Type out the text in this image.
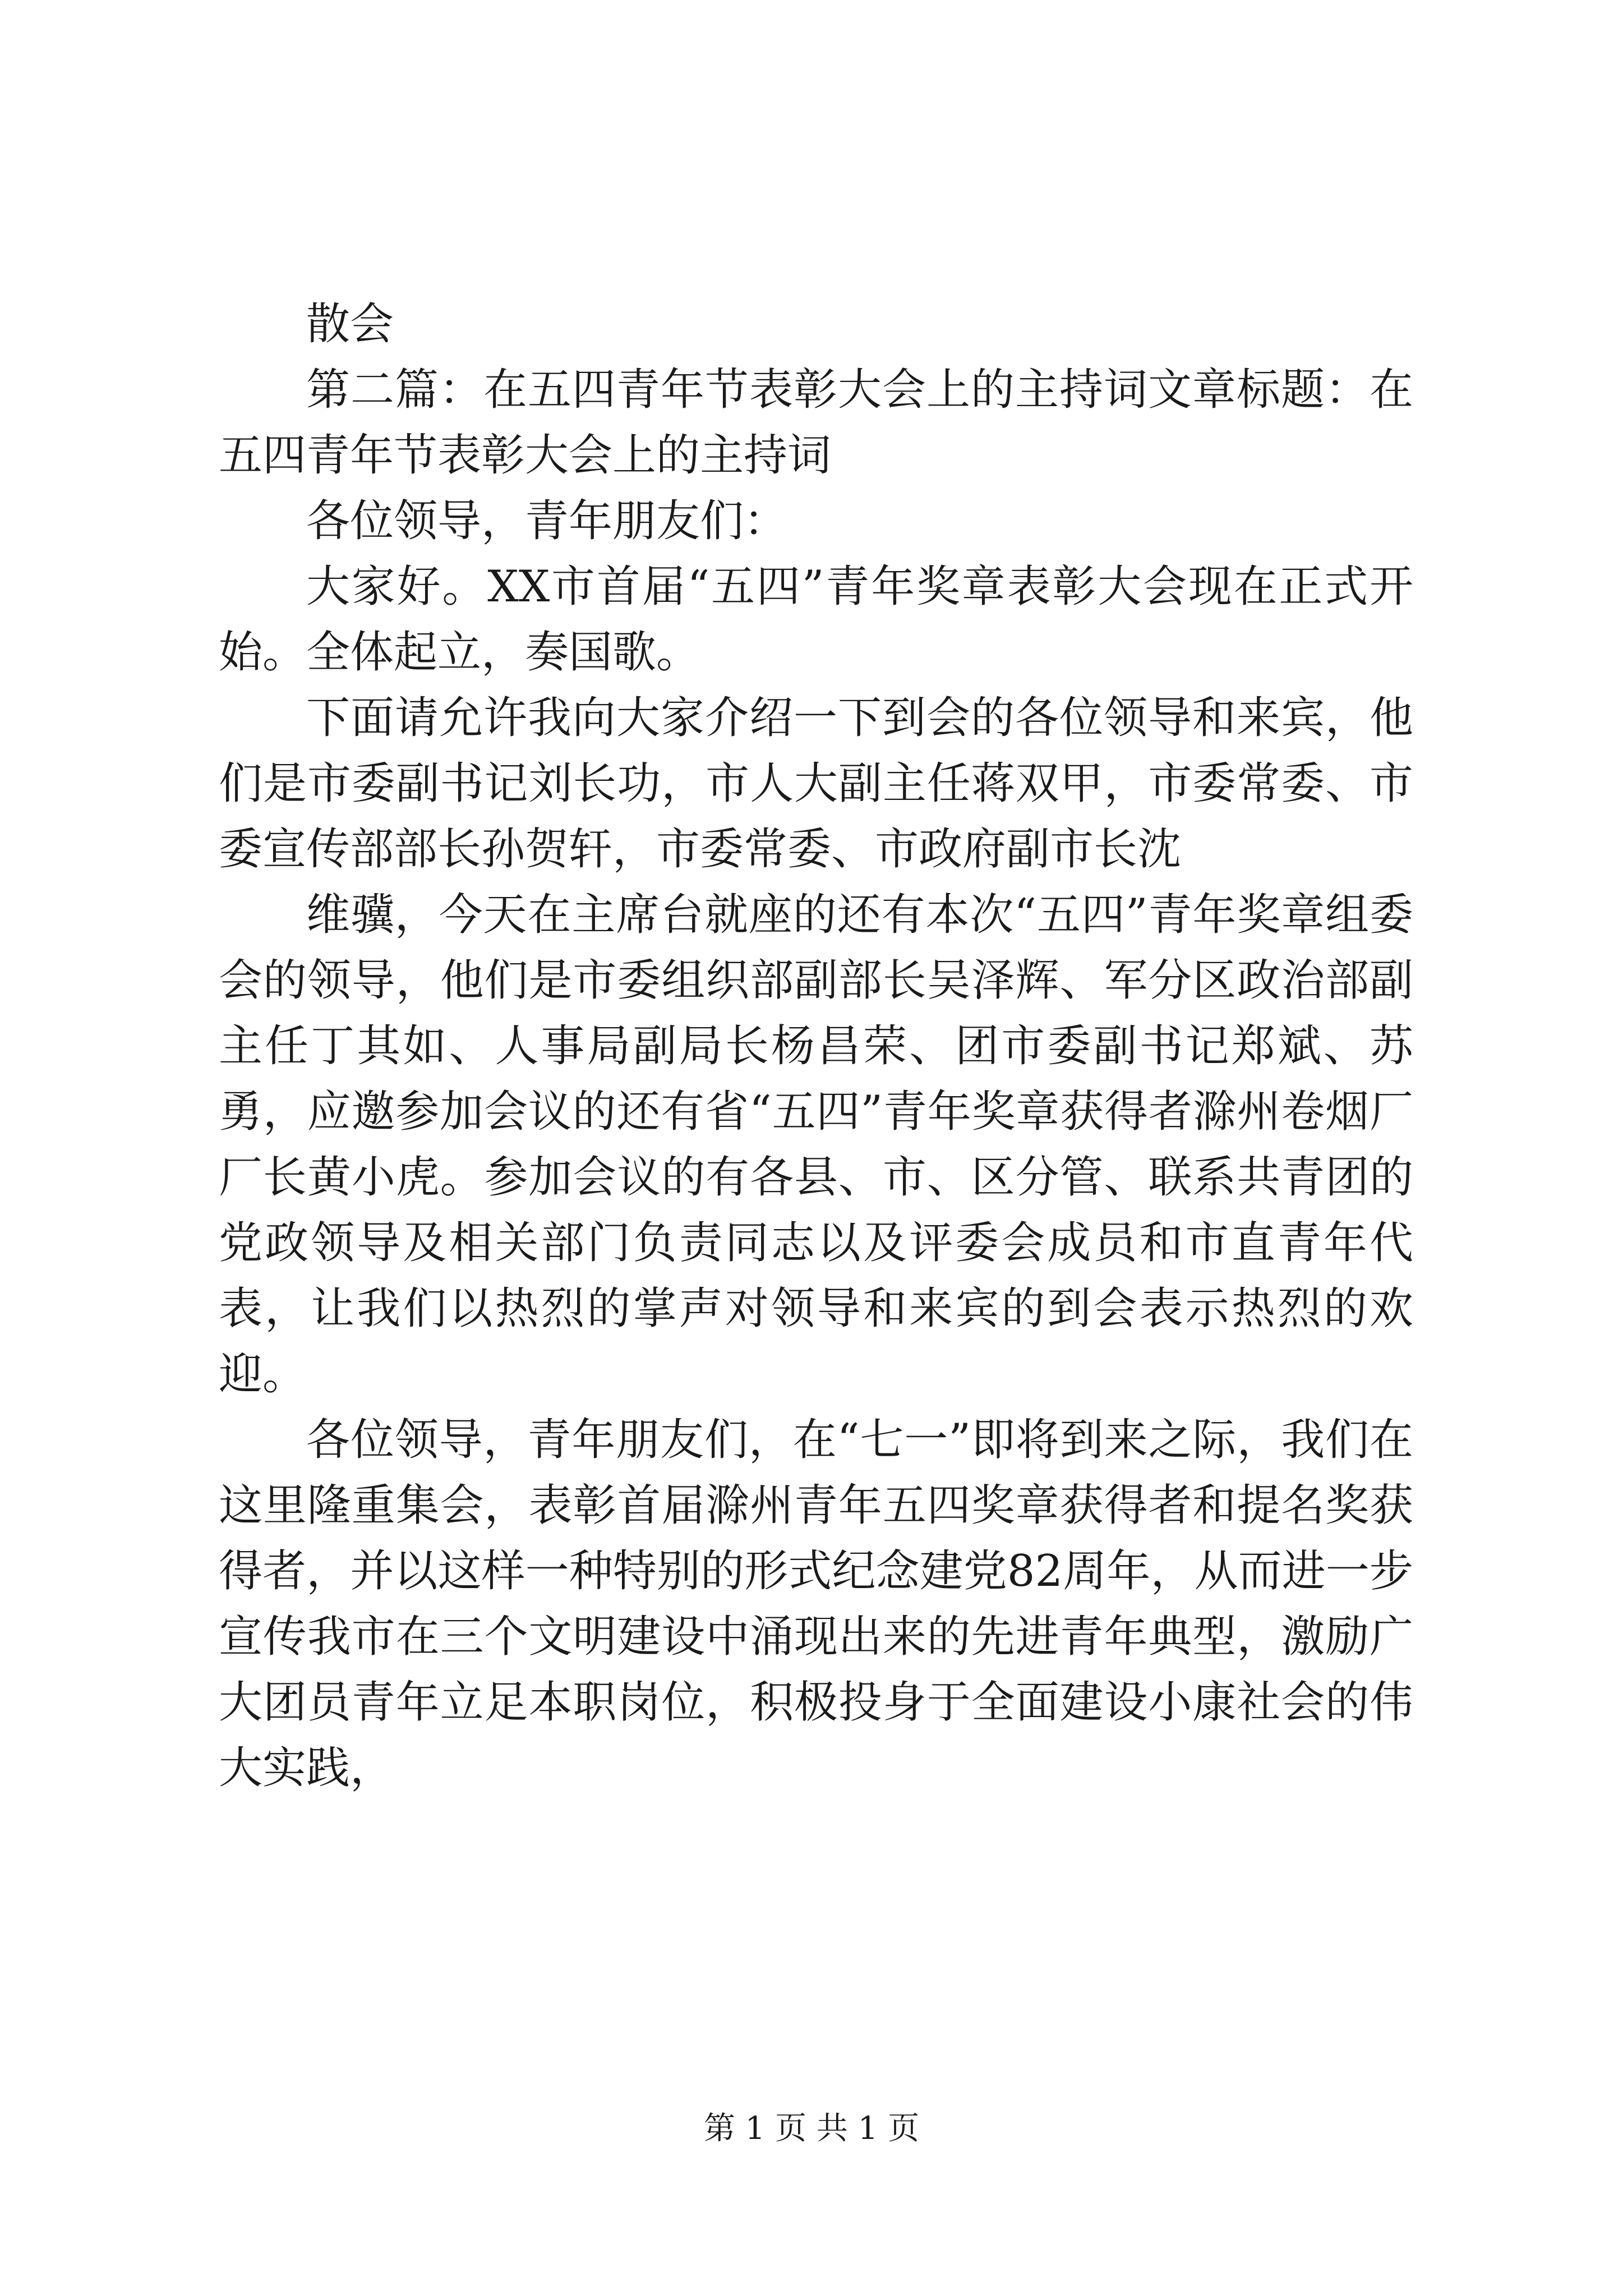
散会

第二篇：在五四青年节表彰大会上的主持词文章标题：在五四青年节表彰大会上的主持词

各位领导，青年朋友们：

大家好。XX市首届“五四”青年奖章表彰大会现在正式开始。全体起立，奏国歌。

下面请允许我向大家介绍一下到会的各位领导和来宾，他们是市委副书记刘长功，市人大副主任蒋双甲，市委常委、市委宣传部部长孙贺轩，市委常委、市政府副市长沈

维骥，今天在主席台就座的还有本次“五四”青年奖章组委会的领导，他们是市委组织部副部长吴泽辉、军分区政治部副主任丁其如、人事局副局长杨昌荣、团市委副书记郑斌、苏勇，应邀参加会议的还有省“五四”青年奖章获得者滁州卷烟厂厂长黄小虎。参加会议的有各县、市、区分管、联系共青团的党政领导及相关部门负责同志以及评委会成员和市直青年代表，让我们以热烈的掌声对领导和来宾的到会表示热烈的欢迎。

各位领导，青年朋友们，在“七一”即将到来之际，我们在这里隆重集会，表彰首届滁州青年五四奖章获得者和提名奖获得者，并以这样一种特别的形式纪念建党82周年，从而进一步宣传我市在三个文明建设中涌现出来的先进青年典型，激励广大团员青年立足本职岗位，积极投身于全面建设小康社会的伟大实践，

第 1 页 共 1 页
